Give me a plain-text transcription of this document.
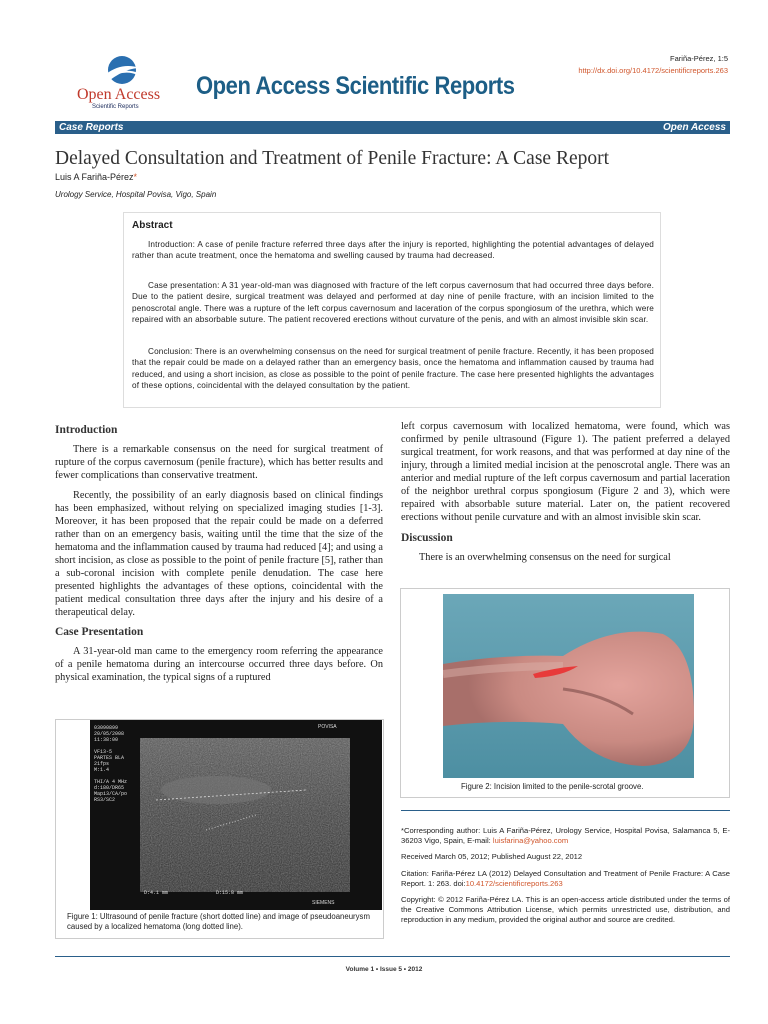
Fariña-Pérez, 1:5
http://dx.doi.org/10.4172/scientificreports.263
Open Access
Scientific Reports
Open Access Scientific Reports
Case Reports	Open Access
Delayed Consultation and Treatment of Penile Fracture: A Case Report
Luis A Fariña-Pérez*
Urology Service, Hospital Povisa, Vigo, Spain
Abstract
Introduction: A case of penile fracture referred three days after the injury is reported, highlighting the potential advantages of delayed rather than acute treatment, once the hematoma and swelling caused by trauma had decreased.
Case presentation: A 31 year-old-man was diagnosed with fracture of the left corpus cavernosum that had occurred three days before. Due to the patient desire, surgical treatment was delayed and performed at day nine of penile fracture, with an incision limited to the penoscrotal angle. There was a rupture of the left corpus cavernosum and laceration of the corpus spongiosum of the urethra, which were repaired with an absorbable suture. The patient recovered erections without curvature of the penis, and with an almost invisible skin scar.
Conclusion: There is an overwhelming consensus on the need for surgical treatment of penile fracture. Recently, it has been proposed that the repair could be made on a delayed rather than an emergency basis, once the hematoma and inflammation caused by trauma had reduced, and using a short incision, as close as possible to the point of penile fracture. The case here presented highlights the advantages of these options, coincidental with the delayed consultation by the patient.
Introduction

There is a remarkable consensus on the need for surgical treatment of rupture of the corpus cavernosum (penile fracture), which has better results and fewer complications than conservative treatment.

Recently, the possibility of an early diagnosis based on clinical findings has been emphasized, without relying on specialized imaging studies [1-3]. Moreover, it has been proposed that the repair could be made on a deferred rather than on an emergency basis, waiting until the time that the size of the hematoma and the inflammation caused by trauma had reduced [4]; and using a short incision, as close as possible to the point of penile fracture [5], rather than a sub-coronal incision with complete penile denudation. The case here presented highlights the advantages of these options, coincidental with the patient medical consultation three days after the injury and his desire of a therapeutical delay.

Case Presentation

A 31-year-old man came to the emergency room referring the appearance of a penile hematoma during an intercourse occurred three days before. On physical examination, the typical signs of a ruptured

03090899
20/05/2008
11:38:00
VF13-5
PARTES BLA
21fps
M:1.4
THI/A 4 MHz
d:180/DR65
Mapi3/CA/po
RS3/SC2
POVISA
D:4.1 mm	D:15.8 mm
SIEMENS
Figure 1: Ultrasound of penile fracture (short dotted line) and image of pseudoaneurysm caused by a localized hematoma (long dotted line).

left corpus cavernosum with localized hematoma, were found, which was confirmed by penile ultrasound (Figure 1). The patient preferred a delayed surgical treatment, for work reasons, and that was performed at day nine of the injury, through a limited medial incision at the penoscrotal angle. There was an anterior and medial rupture of the left corpus cavernosum and partial laceration of the neighbor urethral corpus spongiosum (Figure 2 and 3), which were repaired with absorbable suture material. Later on, the patient recovered erections without penile curvature and with an almost invisible skin scar.

Discussion

There is an overwhelming consensus on the need for surgical

Figure 2: Incision limited to the penile-scrotal groove.

*Corresponding author: Luis A Fariña-Pérez, Urology Service, Hospital Povisa, Salamanca 5, E-36203 Vigo, Spain, E-mail: luisfarina@yahoo.com

Received March 05, 2012; Published August 22, 2012

Citation: Fariña-Pérez LA (2012) Delayed Consultation and Treatment of Penile Fracture: A Case Report. 1: 263. doi:10.4172/scientificreports.263

Copyright: © 2012 Fariña-Pérez LA. This is an open-access article distributed under the terms of the Creative Commons Attribution License, which permits unrestricted use, distribution, and reproduction in any medium, provided the original author and source are credited.

Volume 1 • Issue 5 • 2012
